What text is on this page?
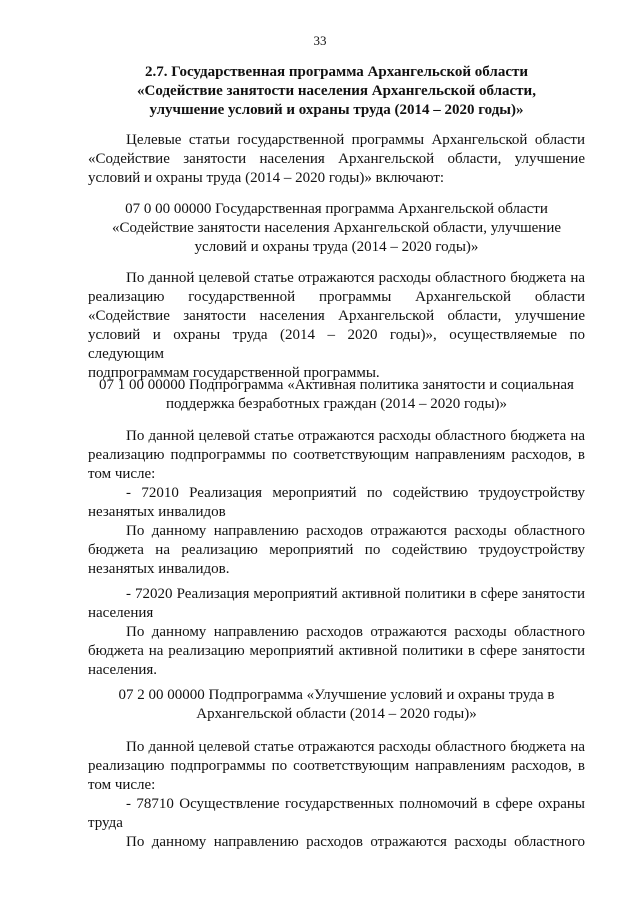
33
2.7. Государственная программа Архангельской области
«Содействие занятости населения Архангельской области,
улучшение условий и охраны труда (2014 – 2020 годы)»
Целевые статьи государственной программы Архангельской области
«Содействие занятости населения Архангельской области, улучшение
условий и охраны труда (2014 – 2020 годы)» включают:
07 0 00 00000 Государственная программа Архангельской области
«Содействие занятости населения Архангельской области, улучшение
условий и охраны труда (2014 – 2020 годы)»
По данной целевой статье отражаются расходы областного бюджета на
реализацию государственной программы Архангельской области
«Содействие занятости населения Архангельской области, улучшение
условий и охраны труда (2014 – 2020 годы)», осуществляемые по следующим
подпрограммам государственной программы.
07 1 00 00000 Подпрограмма «Активная политика занятости и социальная
поддержка безработных граждан (2014 – 2020 годы)»
По данной целевой статье отражаются расходы областного бюджета на
реализацию подпрограммы по соответствующим направлениям расходов, в
том числе:
- 72010 Реализация мероприятий по содействию трудоустройству
незанятых инвалидов
По данному направлению расходов отражаются расходы областного
бюджета на реализацию мероприятий по содействию трудоустройству
незанятых инвалидов.
- 72020 Реализация мероприятий активной политики в сфере занятости
населения
По данному направлению расходов отражаются расходы областного
бюджета на реализацию мероприятий активной политики в сфере занятости
населения.
07 2 00 00000 Подпрограмма «Улучшение условий и охраны труда в
Архангельской области (2014 – 2020 годы)»
По данной целевой статье отражаются расходы областного бюджета на
реализацию подпрограммы по соответствующим направлениям расходов, в
том числе:
- 78710 Осуществление государственных полномочий в сфере охраны
труда
По данному направлению расходов отражаются расходы областного
